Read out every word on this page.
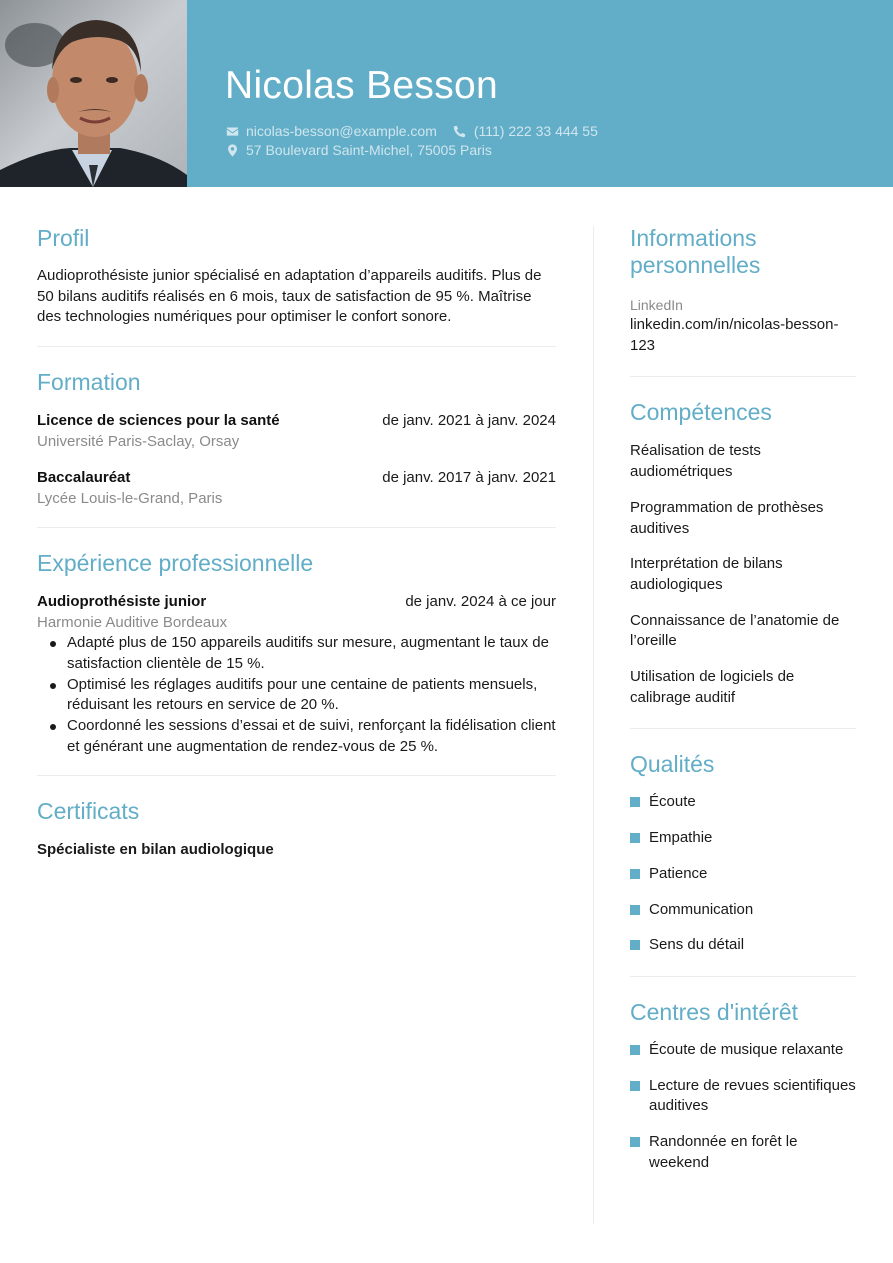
Nicolas Besson
nicolas-besson@example.com	(111) 222 33 444 55
57 Boulevard Saint-Michel, 75005 Paris
Profil
Audioprothésiste junior spécialisé en adaptation d’appareils auditifs. Plus de 50 bilans auditifs réalisés en 6 mois, taux de satisfaction de 95 %. Maîtrise des technologies numériques pour optimiser le confort sonore.
Formation
Licence de sciences pour la santé	de janv. 2021 à janv. 2024
Université Paris-Saclay, Orsay
Baccalauréat	de janv. 2017 à janv. 2021
Lycée Louis-le-Grand, Paris
Expérience professionnelle
Audioprothésiste junior	de janv. 2024 à ce jour
Harmonie Auditive Bordeaux
Adapté plus de 150 appareils auditifs sur mesure, augmentant le taux de satisfaction clientèle de 15 %.
Optimisé les réglages auditifs pour une centaine de patients mensuels, réduisant les retours en service de 20 %.
Coordonné les sessions d’essai et de suivi, renforçant la fidélisation client et générant une augmentation de rendez-vous de 25 %.
Certificats
Spécialiste en bilan audiologique
Informations personnelles
LinkedIn
linkedin.com/in/nicolas-besson-123
Compétences
Réalisation de tests audiométriques
Programmation de prothèses auditives
Interprétation de bilans audiologiques
Connaissance de l’anatomie de l’oreille
Utilisation de logiciels de calibrage auditif
Qualités
Écoute
Empathie
Patience
Communication
Sens du détail
Centres d'intérêt
Écoute de musique relaxante
Lecture de revues scientifiques auditives
Randonnée en forêt le weekend
